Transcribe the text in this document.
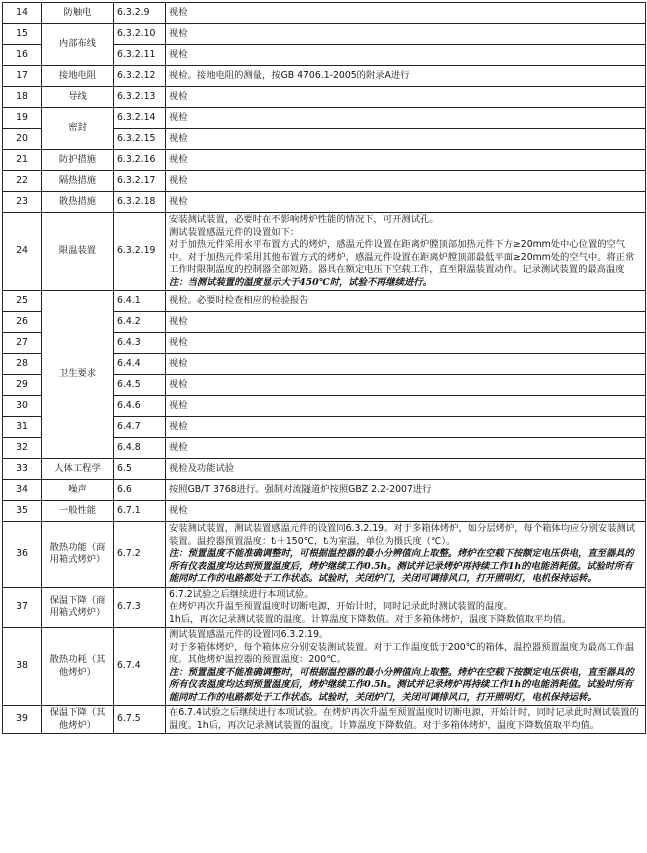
14	防触电	6.3.2.9	视检

15	内部布线	6.3.2.10	视检

16		6.3.2.11	视检

17	接地电阻	6.3.2.12	视检。接地电阻的测量，按GB 4706.1-2005的附录A进行

18	导线	6.3.2.13	视检

19	密封	6.3.2.14	视检

20		6.3.2.15	视检

21	防护措施	6.3.2.16	视检

22	隔热措施	6.3.2.17	视检

23	散热措施	6.3.2.18	视检

24	限温装置	6.3.2.19	安装测试装置，必要时在不影响烤炉性能的情况下，可开测试孔。
测试装置感温元件的设置如下：
对于加热元件采用水平布置方式的烤炉，感温元件设置在距离炉膛顶部加热元件下方≥20mm处中心位置的空气中。对于加热元件采用其他布置方式的烤炉，感温元件设置在距离炉膛顶部最低平面≥20mm处的空气中。将正常工作时限制温度的控制器全部短路。器具在额定电压下空载工作，直至限温装置动作。记录测试装置的最高温度
注：当测试装置的温度显示大于450℃时，试验不再继续进行。

25	卫生要求	6.4.1	视检。必要时检查相应的检验报告

26		6.4.2	视检

27		6.4.3	视检

28		6.4.4	视检

29		6.4.5	视检

30		6.4.6	视检

31		6.4.7	视检

32		6.4.8	视检

33	人体工程学	6.5	视检及功能试验

34	噪声	6.6	按照GB/T 3768进行。强制对流隧道炉按照GBZ 2.2-2007进行

35	一般性能	6.7.1	视检

36	散热功能（商用箱式烤炉）	6.7.2	安装测试装置，测试装置感温元件的设置同6.3.2.19。对于多箱体烤炉，如分层烤炉，每个箱体均应分别安装测试装置。温控器预置温度：tᵢ＋150℃，tᵢ为室温，单位为摄氏度（℃）。
注：预置温度不能准确调整时，可根据温控器的最小分辨值向上取整。烤炉在空载下按额定电压供电，直至器具的所有仪表温度均达到预置温度后，烤炉继续工作0.5h。测试并记录烤炉再持续工作1h的电能消耗值。试验时所有能同时工作的电路都处于工作状态。试验时，关闭炉门，关闭可调排风口，打开照明灯，电机保持运转。

37	保温下降（商用箱式烤炉）	6.7.3	6.7.2试验之后继续进行本项试验。
在烤炉再次升温至预置温度时切断电源，开始计时，同时记录此时测试装置的温度。
1h后，再次记录测试装置的温度。计算温度下降数值。对于多箱体烤炉，温度下降数值取平均值。

38	散热功耗（其他烤炉）	6.7.4	测试装置感温元件的设置同6.3.2.19。
对于多箱体烤炉，每个箱体应分别安装测试装置。对于工作温度低于200℃的箱体，温控器预置温度为最高工作温度。其他烤炉温控器的预置温度：200℃。
注：预置温度不能准确调整时，可根据温控器的最小分辨值向上取整。烤炉在空载下按额定电压供电，直至器具的所有仪表温度均达到预置温度后，烤炉继续工作0.5h。测试并记录烤炉再持续工作1h的电能消耗值。试验时所有能同时工作的电路都处于工作状态。试验时，关闭炉门，关闭可调排风口，打开照明灯，电机保持运转。

39	保温下降（其他烤炉）	6.7.5	在6.7.4试验之后继续进行本项试验。在烤炉再次升温至预置温度时切断电源，开始计时，同时记录此时测试装置的温度。1h后，再次记录测试装置的温度。计算温度下降数值。对于多箱体烤炉，温度下降数值取平均值。
